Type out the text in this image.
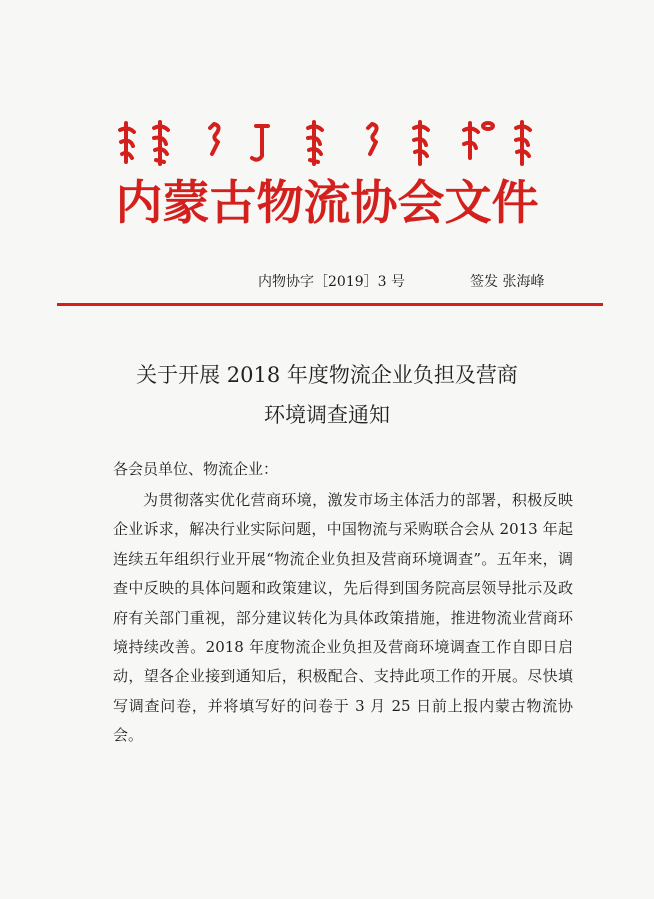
内蒙古物流协会文件
内物协字［2019］3 号	签发 张海峰
关于开展 2018 年度物流企业负担及营商
环境调查通知
各会员单位、物流企业：
为贯彻落实优化营商环境，激发市场主体活力的部署，积极反映企业诉求，解决行业实际问题，中国物流与采购联合会从 2013 年起连续五年组织行业开展“物流企业负担及营商环境调查”。五年来，调查中反映的具体问题和政策建议，先后得到国务院高层领导批示及政府有关部门重视，部分建议转化为具体政策措施，推进物流业营商环境持续改善。2018 年度物流企业负担及营商环境调查工作自即日启动，望各企业接到通知后，积极配合、支持此项工作的开展。尽快填写调查问卷，并将填写好的问卷于 3 月 25 日前上报内蒙古物流协会。
